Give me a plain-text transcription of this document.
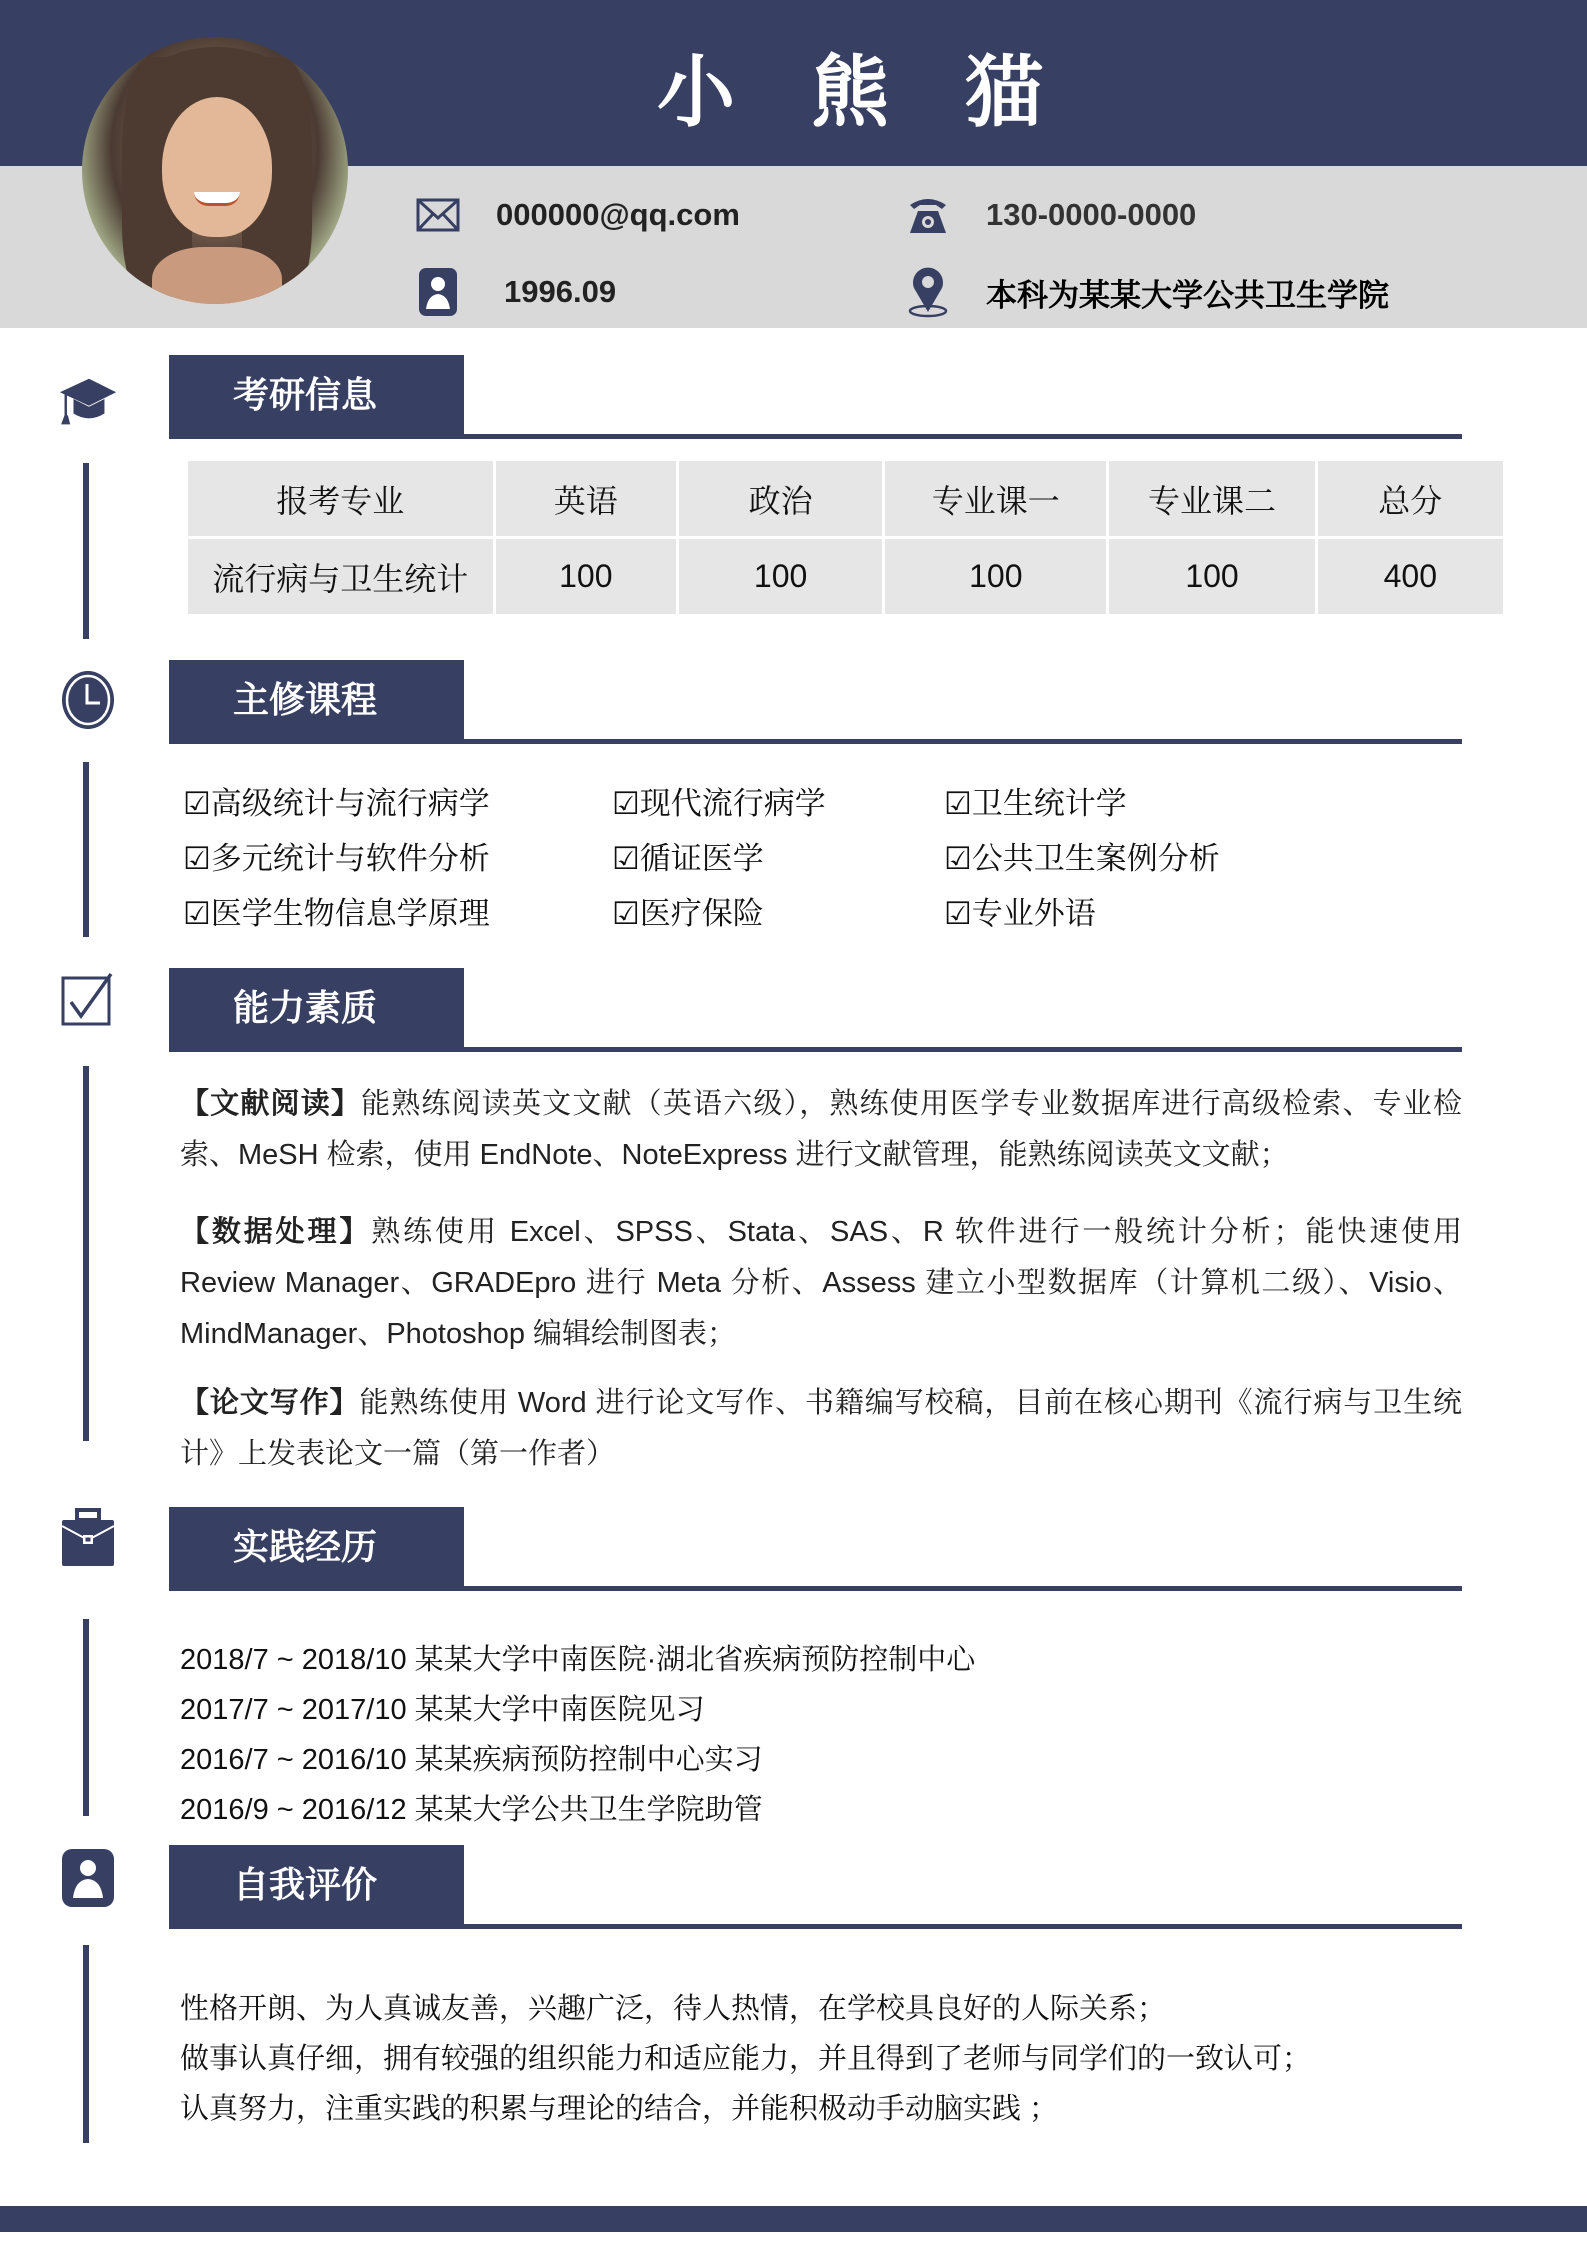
小 熊 猫
000000@qq.com
1996.09
130-0000-0000
本科为某某大学公共卫生学院
考研信息
报考专业	英语	政治	专业课一	专业课二	总分
流行病与卫生统计	100	100	100	100	400
主修课程
☑高级统计与流行病学	☑现代流行病学	☑卫生统计学
☑多元统计与软件分析	☑循证医学	☑公共卫生案例分析
☑医学生物信息学原理	☑医疗保险	☑专业外语
能力素质
【文献阅读】能熟练阅读英文文献（英语六级），熟练使用医学专业数据库进行高级检索、专业检索、MeSH 检索，使用 EndNote、NoteExpress 进行文献管理，能熟练阅读英文文献；
【数据处理】熟练使用 Excel、SPSS、Stata、SAS、R 软件进行一般统计分析；能快速使用 Review Manager、GRADEpro 进行 Meta 分析、Assess 建立小型数据库（计算机二级）、Visio、MindManager、Photoshop 编辑绘制图表；
【论文写作】能熟练使用 Word 进行论文写作、书籍编写校稿，目前在核心期刊《流行病与卫生统计》上发表论文一篇（第一作者）
实践经历
2018/7 ~ 2018/10 某某大学中南医院·湖北省疾病预防控制中心
2017/7 ~ 2017/10 某某大学中南医院见习
2016/7 ~ 2016/10 某某疾病预防控制中心实习
2016/9 ~ 2016/12 某某大学公共卫生学院助管
自我评价
性格开朗、为人真诚友善，兴趣广泛，待人热情，在学校具良好的人际关系；
做事认真仔细，拥有较强的组织能力和适应能力，并且得到了老师与同学们的一致认可；
认真努力，注重实践的积累与理论的结合，并能积极动手动脑实践 ；
